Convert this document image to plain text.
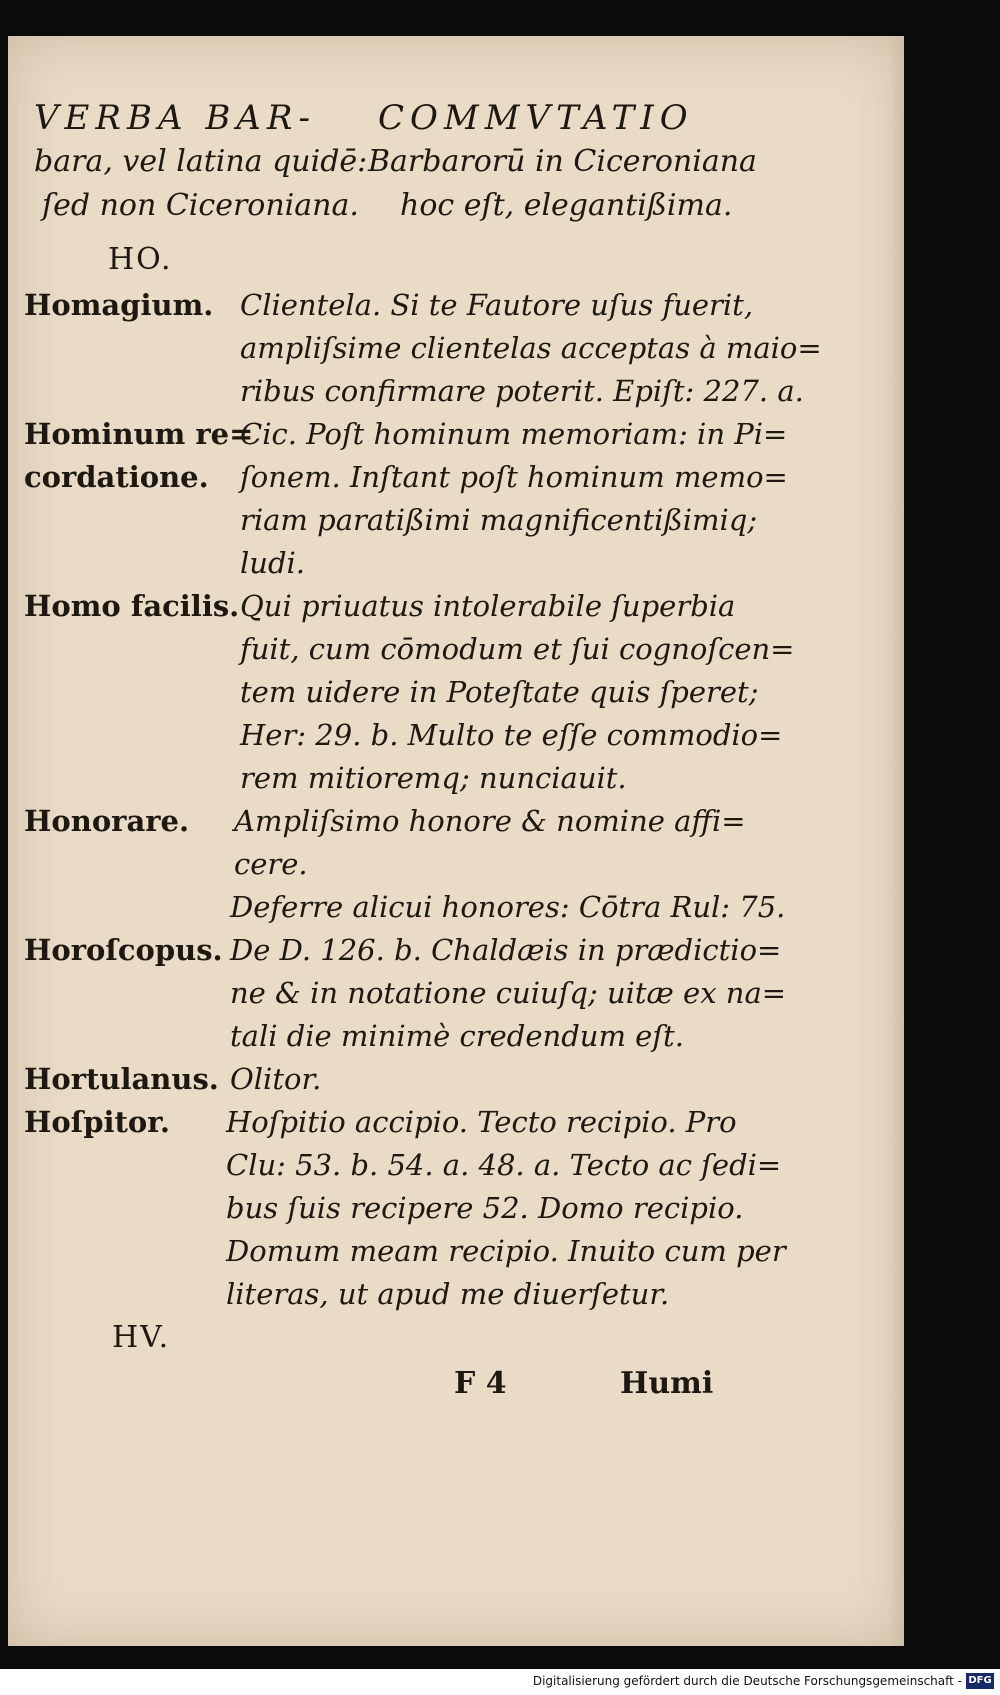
VERBA BAR- COMMVTATIO
bara, vel latina quidē:
ſed non Ciceroniana.
Barbarorū in Ciceroniana
hoc eſt, elegantißima.
HO.
Homagium. Clientela. Si te Fautore uſus fuerit,
ampliſsime clientelas acceptas à maio=
ribus confirmare poterit. Epiſt: 227. a.
Hominum re=
cordatione.
Cic. Poſt hominum memoriam: in Pi=
ſonem. Inſtant poſt hominum memo=
riam paratißimi magnificentißimiq;
ludi.
Homo facilis. Qui priuatus intolerabile ſuperbia
fuit, cum cōmodum et ſui cognoſcen=
tem uidere in Poteſtate quis ſperet;
Her: 29. b. Multo te eſſe commodio=
rem mitioremq; nunciauit.
Honorare. Ampliſsimo honore & nomine affi=
cere.
Deferre alicui honores: Cōtra Rul: 75.
Horoſcopus. De D. 126. b. Chaldæis in prædictio=
ne & in notatione cuiuſq; uitæ ex na=
tali die minimè credendum eſt.
Hortulanus. Olitor.
Hoſpitor. Hoſpitio accipio. Tecto recipio. Pro
Clu: 53. b. 54. a. 48. a. Tecto ac ſedi=
bus ſuis recipere 52. Domo recipio.
Domum meam recipio. Inuito cum per
literas, ut apud me diuerſetur.
HV.
F 4	Humi
Digitalisierung gefördert durch die Deutsche Forschungsgemeinschaft - DFG
